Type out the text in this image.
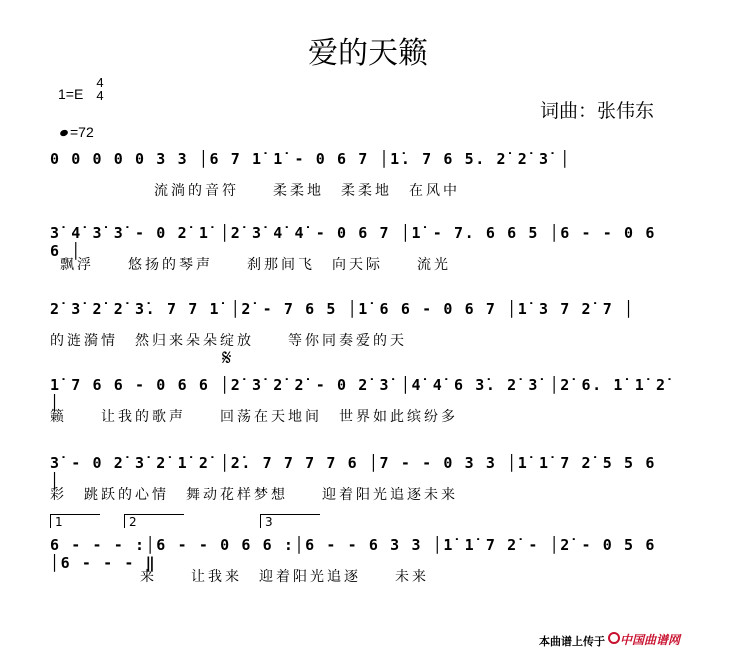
爱的天籁
1=E
4
4
=72
词曲：张伟东
0 0 0 0 0 3 3 │6 7 1̇ 1̇ - 0 6 7 │1̇. 7 6 5. 2̇ 2̇ 3̇ │
流淌的音符　　柔柔地　柔柔地　在风中
3̇ 4̇ 3̇ 3̇ - 0 2̇ 1̇ │2̇ 3̇ 4̇ 4̇ - 0 6 7 │1̇ - 7. 6 6 5 │6 - - 0 6 6 │
飘浮　　悠扬的琴声　　刹那间飞　向天际　　流光
2̇ 3̇ 2̇ 2̇ 3̇. 7 7 1̇ │2̇ - 7 6 5 │1̇ 6 6 - 0 6 7 │1̇ 3 7 2̇ 7 │
的涟漪情　然归来朵朵绽放　　等你同奏爱的天
𝄋
1̇ 7 6 6 - 0 6 6 │2̇ 3̇ 2̇ 2̇ - 0 2̇ 3̇ │4̇ 4̇ 6 3̇. 2̇ 3̇ │2̇ 6. 1̇ 1̇ 2̇ │
籁　　让我的歌声　　回荡在天地间　世界如此缤纷多
3̇ - 0 2̇ 3̇ 2̇ 1̇ 2̇ │2̇. 7 7 7 7 6 │7 - - 0 3 3 │1̇ 1̇ 7 2̇ 5 5 6 │
彩　跳跃的心情　舞动花样梦想　　迎着阳光追逐未来
1	2	3
6 - - - :│6 - - 0 6 6 :│6 - - 6 3 3 │1̇ 1̇ 7 2̇ - │2̇ - 0 5 6 │6 - - - ‖
来　　让我来　迎着阳光追逐　　未来
本曲谱上传于 中国曲谱网
